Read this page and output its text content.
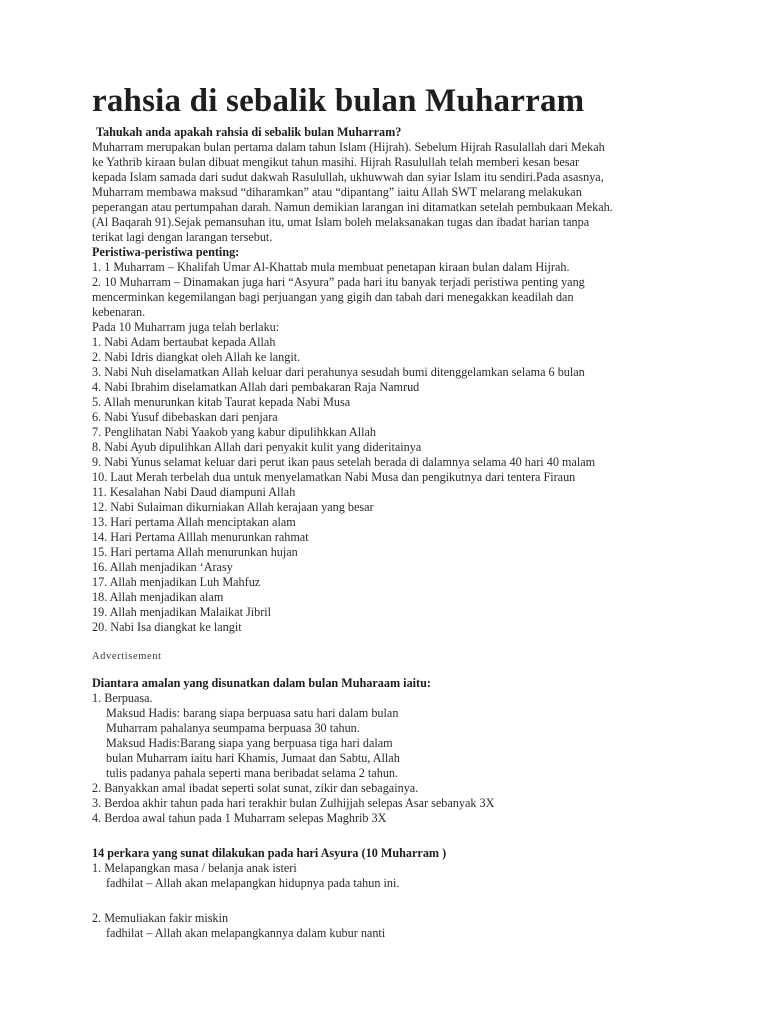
rahsia di sebalik bulan Muharram
Tahukah anda apakah rahsia di sebalik bulan Muharram?
Muharram merupakan bulan pertama dalam tahun Islam (Hijrah). Sebelum Hijrah Rasulallah dari Mekah
ke Yathrib kiraan bulan dibuat mengikut tahun masihi. Hijrah Rasulullah telah memberi kesan besar
kepada Islam samada dari sudut dakwah Rasulullah, ukhuwwah dan syiar Islam itu sendiri.Pada asasnya,
Muharram membawa maksud “diharamkan” atau “dipantang” iaitu Allah SWT melarang melakukan
peperangan atau pertumpahan darah. Namun demikian larangan ini ditamatkan setelah pembukaan Mekah.
(Al Baqarah 91).Sejak pemansuhan itu, umat Islam boleh melaksanakan tugas dan ibadat harian tanpa
terikat lagi dengan larangan tersebut.
Peristiwa-peristiwa penting:
1. 1 Muharram – Khalifah Umar Al-Khattab mula membuat penetapan kiraan bulan dalam Hijrah.
2. 10 Muharram – Dinamakan juga hari “Asyura” pada hari itu banyak terjadi peristiwa penting yang
mencerminkan kegemilangan bagi perjuangan yang gigih dan tabah dari menegakkan keadilah dan
kebenaran.
Pada 10 Muharram juga telah berlaku:
1. Nabi Adam bertaubat kepada Allah
2. Nabi Idris diangkat oleh Allah ke langit.
3. Nabi Nuh diselamatkan Allah keluar dari perahunya sesudah bumi ditenggelamkan selama 6 bulan
4. Nabi Ibrahim diselamatkan Allah dari pembakaran Raja Namrud
5. Allah menurunkan kitab Taurat kepada Nabi Musa
6. Nabi Yusuf dibebaskan dari penjara
7. Penglihatan Nabi Yaakob yang kabur dipulihkkan Allah
8. Nabi Ayub dipulihkan Allah dari penyakit kulit yang dideritainya
9. Nabi Yunus selamat keluar dari perut ikan paus setelah berada di dalamnya selama 40 hari 40 malam
10. Laut Merah terbelah dua untuk menyelamatkan Nabi Musa dan pengikutnya dari tentera Firaun
11. Kesalahan Nabi Daud diampuni Allah
12. Nabi Sulaiman dikurniakan Allah kerajaan yang besar
13. Hari pertama Allah menciptakan alam
14. Hari Pertama Alllah menurunkan rahmat
15. Hari pertama Allah menurunkan hujan
16. Allah menjadikan ‘Arasy
17. Allah menjadikan Luh Mahfuz
18. Allah menjadikan alam
19. Allah menjadikan Malaikat Jibril
20. Nabi Isa diangkat ke langit
Advertisement
Diantara amalan yang disunatkan dalam bulan Muharaam iaitu:
1. Berpuasa.
Maksud Hadis: barang siapa berpuasa satu hari dalam bulan
Muharram pahalanya seumpama berpuasa 30 tahun.
Maksud Hadis:Barang siapa yang berpuasa tiga hari dalam
bulan Muharram iaitu hari Khamis, Jumaat dan Sabtu, Allah
tulis padanya pahala seperti mana beribadat selama 2 tahun.
2. Banyakkan amal ibadat seperti solat sunat, zikir dan sebagainya.
3. Berdoa akhir tahun pada hari terakhir bulan Zulhijjah selepas Asar sebanyak 3X
4. Berdoa awal tahun pada 1 Muharram selepas Maghrib 3X
14 perkara yang sunat dilakukan pada hari Asyura (10 Muharram )
1. Melapangkan masa / belanja anak isteri
fadhilat – Allah akan melapangkan hidupnya pada tahun ini.
2. Memuliakan fakir miskin
fadhilat – Allah akan melapangkannya dalam kubur nanti
